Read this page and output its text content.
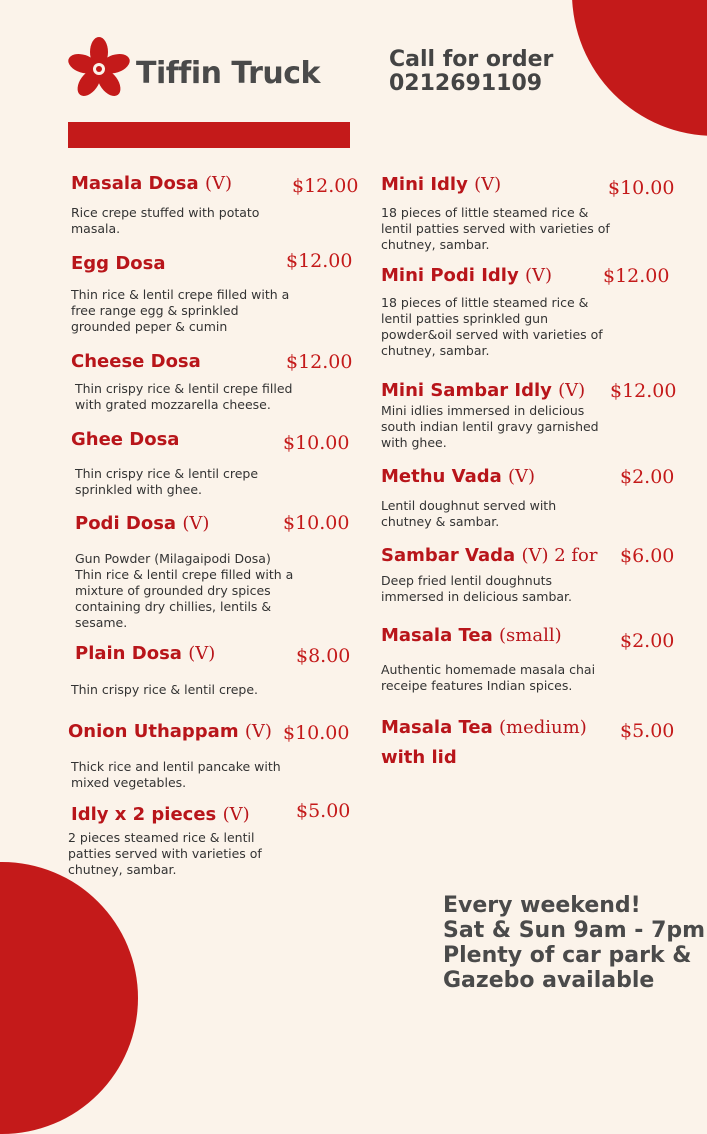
Tiffin Truck	Call for order
0212691109
Masala Dosa (V)	$12.00
Rice crepe stuffed with potato
masala.
Egg Dosa	$12.00
Thin rice & lentil crepe filled with a
free range egg & sprinkled
grounded peper & cumin
Cheese Dosa	$12.00
Thin crispy rice & lentil crepe filled
with grated mozzarella cheese.
Ghee Dosa	$10.00
Thin crispy rice & lentil crepe
sprinkled with ghee.
Podi Dosa (V)	$10.00
Gun Powder (Milagaipodi Dosa)
Thin rice & lentil crepe filled with a
mixture of grounded dry spices
containing dry chillies, lentils &
sesame.
Plain Dosa (V)	$8.00
Thin crispy rice & lentil crepe.
Onion Uthappam (V) $10.00
Thick rice and lentil pancake with
mixed vegetables.
Idly x 2 pieces (V) $5.00
2 pieces steamed rice & lentil
patties served with varieties of
chutney, sambar.
Mini Idly (V)	$10.00
18 pieces of little steamed rice &
lentil patties served with varieties of
chutney, sambar.
Mini Podi Idly (V)	$12.00
18 pieces of little steamed rice &
lentil patties sprinkled gun
powder&oil served with varieties of
chutney, sambar.
Mini Sambar Idly (V) $12.00
Mini idlies immersed in delicious
south indian lentil gravy garnished
with ghee.
Methu Vada (V)	$2.00
Lentil doughnut served with
chutney & sambar.
Sambar Vada (V) 2 for $6.00
Deep fried lentil doughnuts
immersed in delicious sambar.
Masala Tea (small)	$2.00
Authentic homemade masala chai
receipe features Indian spices.
Masala Tea (medium)
with lid
$5.00
Every weekend!
Sat & Sun 9am - 7pm
Plenty of car park &
Gazebo available
